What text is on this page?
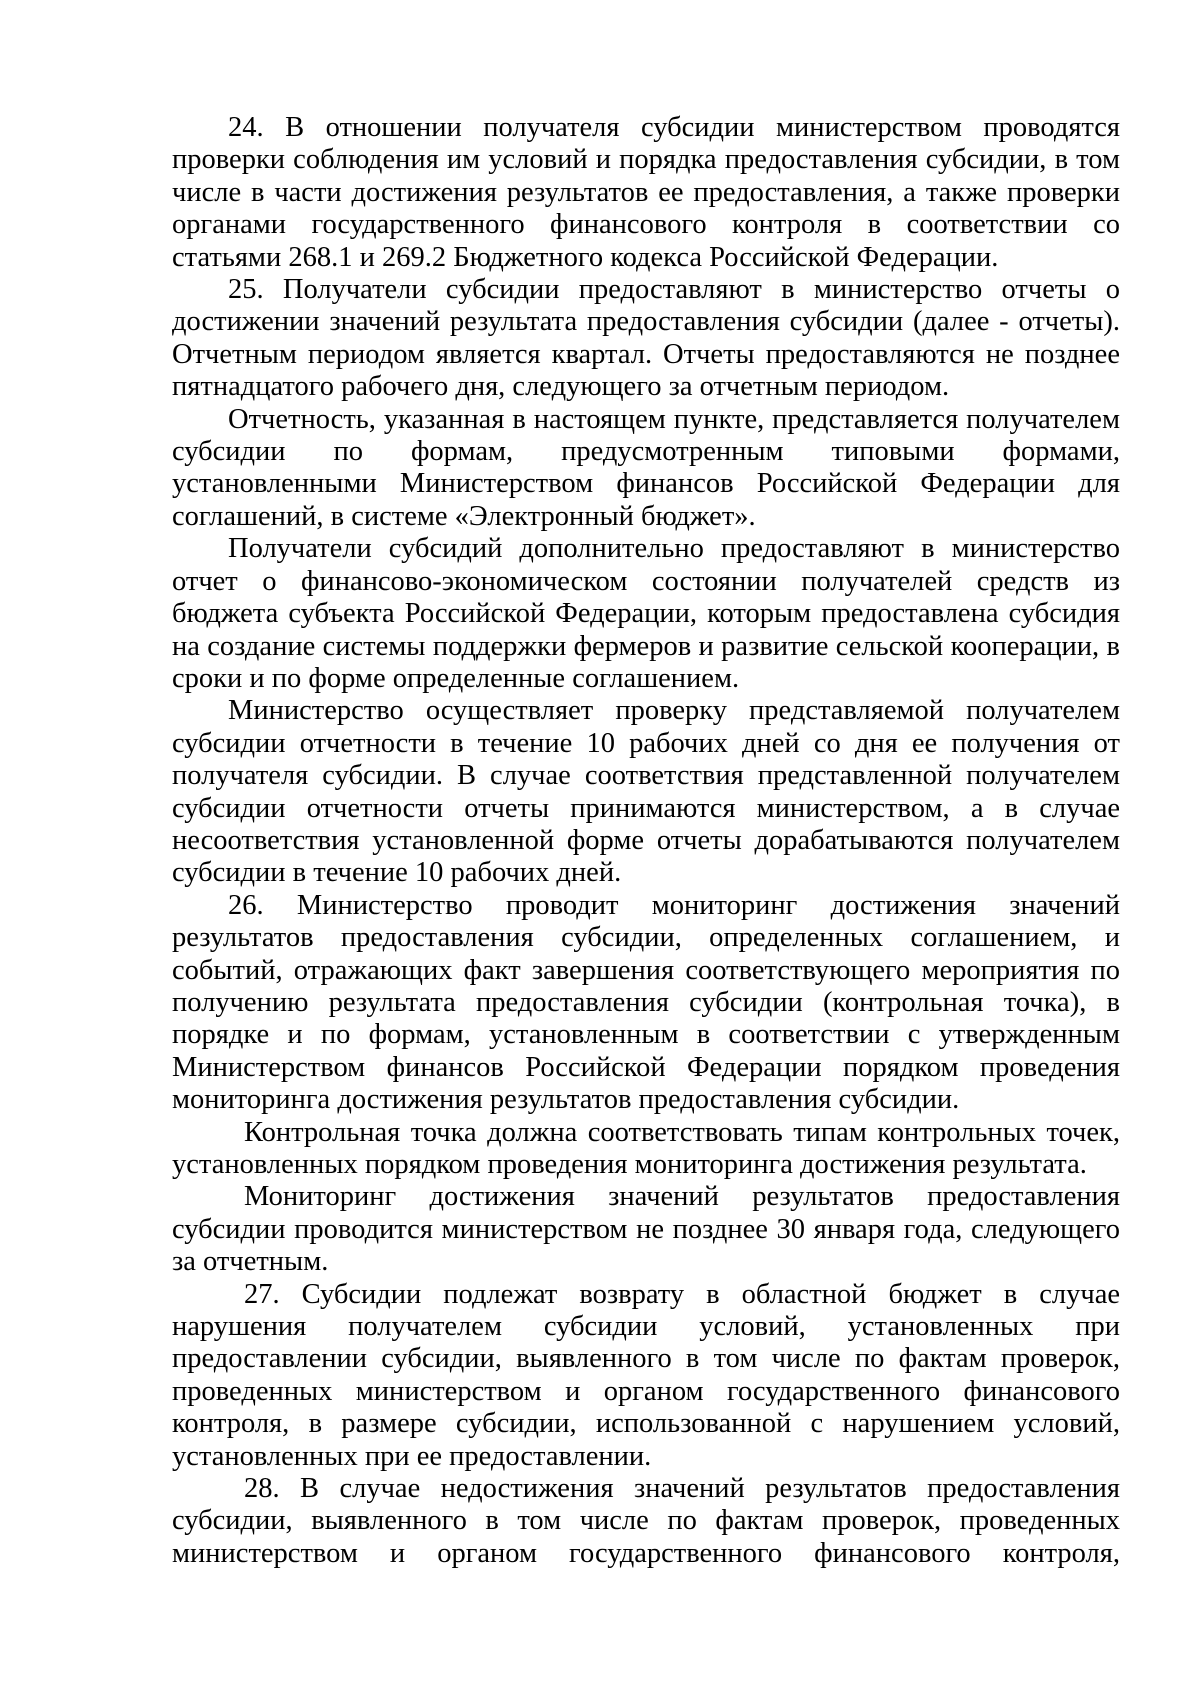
24. В отношении получателя субсидии министерством проводятся проверки соблюдения им условий и порядка предоставления субсидии, в том числе в части достижения результатов ее предоставления, а также проверки органами государственного финансового контроля в соответствии со статьями 268.1 и 269.2 Бюджетного кодекса Российской Федерации.

25. Получатели субсидии предоставляют в министерство отчеты о достижении значений результата предоставления субсидии (далее - отчеты). Отчетным периодом является квартал. Отчеты предоставляются не позднее пятнадцатого рабочего дня, следующего за отчетным периодом.

Отчетность, указанная в настоящем пункте, представляется получателем субсидии по формам, предусмотренным типовыми формами, установленными Министерством финансов Российской Федерации для соглашений, в системе «Электронный бюджет».

Получатели субсидий дополнительно предоставляют в министерство отчет о финансово-экономическом состоянии получателей средств из бюджета субъекта Российской Федерации, которым предоставлена субсидия на создание системы поддержки фермеров и развитие сельской кооперации, в сроки и по форме определенные соглашением.

Министерство осуществляет проверку представляемой получателем субсидии отчетности в течение 10 рабочих дней со дня ее получения от получателя субсидии. В случае соответствия представленной получателем субсидии отчетности отчеты принимаются министерством, а в случае несоответствия установленной форме отчеты дорабатываются получателем субсидии в течение 10 рабочих дней.

26. Министерство проводит мониторинг достижения значений результатов предоставления субсидии, определенных соглашением, и событий, отражающих факт завершения соответствующего мероприятия по получению результата предоставления субсидии (контрольная точка), в порядке и по формам, установленным в соответствии с утвержденным Министерством финансов Российской Федерации порядком проведения мониторинга достижения результатов предоставления субсидии.

Контрольная точка должна соответствовать типам контрольных точек, установленных порядком проведения мониторинга достижения результата.

Мониторинг достижения значений результатов предоставления субсидии проводится министерством не позднее 30 января года, следующего за отчетным.

27. Субсидии подлежат возврату в областной бюджет в случае нарушения получателем субсидии условий, установленных при предоставлении субсидии, выявленного в том числе по фактам проверок, проведенных министерством и органом государственного финансового контроля, в размере субсидии, использованной с нарушением условий, установленных при ее предоставлении.

28. В случае недостижения значений результатов предоставления субсидии, выявленного в том числе по фактам проверок, проведенных министерством и органом государственного финансового контроля,
